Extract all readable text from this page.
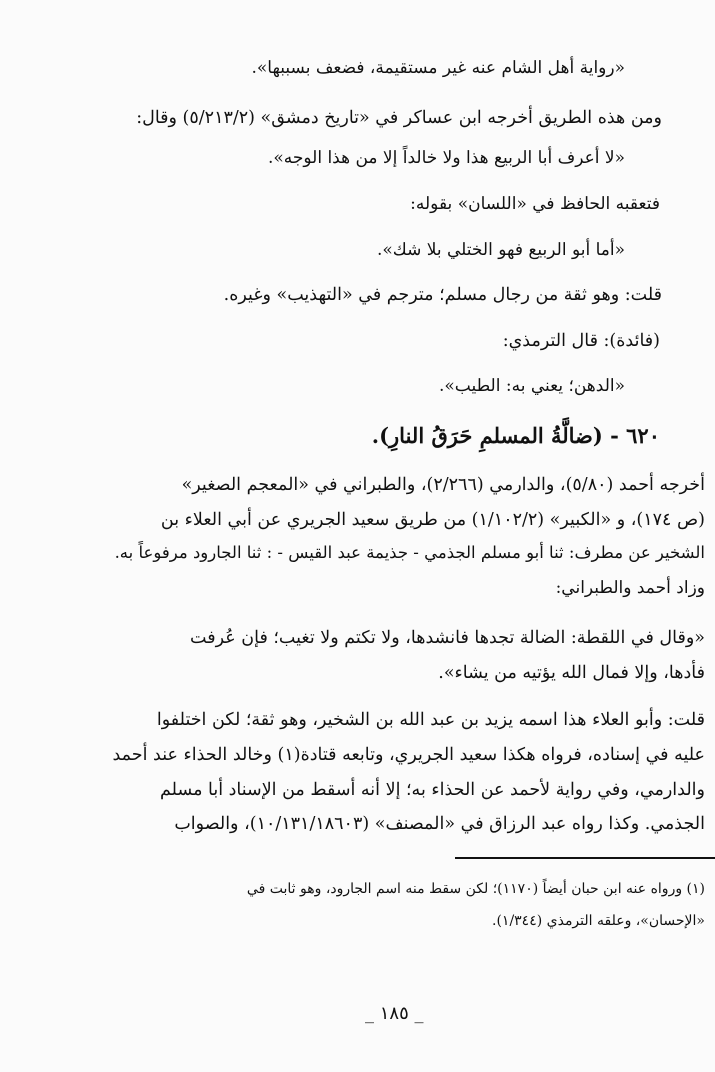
«رواية أهل الشام عنه غير مستقيمة، فضعف بسببها».
ومن هذه الطريق أخرجه ابن عساكر في «تاريخ دمشق» (٥/٢١٣/٢) وقال:
«لا أعرف أبا الربيع هذا ولا خالداً إلا من هذا الوجه».
فتعقبه الحافظ في «اللسان» بقوله:
«أما أبو الربيع فهو الختلي بلا شك».
قلت: وهو ثقة من رجال مسلم؛ مترجم في «التهذيب» وغيره.
(فائدة): قال الترمذي:
«الدهن؛ يعني به: الطيب».
٦٢٠ - (ضالَّةُ المسلمِ حَرَقُ النارِ).
أخرجه أحمد (٥/٨٠)، والدارمي (٢/٢٦٦)، والطبراني في «المعجم الصغير»
(ص ١٧٤)، و «الكبير» (١/١٠٢/٢) من طريق سعيد الجريري عن أبي العلاء بن
الشخير عن مطرف: ثنا أبو مسلم الجذمي - جذيمة عبد القيس - : ثنا الجارود مرفوعاً به.
وزاد أحمد والطبراني:
«وقال في اللقطة: الضالة تجدها فانشدها، ولا تكتم ولا تغيب؛ فإن عُرفت
فأدها، وإلا فمال الله يؤتيه من يشاء».
قلت: وأبو العلاء هذا اسمه يزيد بن عبد الله بن الشخير، وهو ثقة؛ لكن اختلفوا
عليه في إسناده، فرواه هكذا سعيد الجريري، وتابعه قتادة(١) وخالد الحذاء عند أحمد
والدارمي، وفي رواية لأحمد عن الحذاء به؛ إلا أنه أسقط من الإسناد أبا مسلم
الجذمي. وكذا رواه عبد الرزاق في «المصنف» (١٠/١٣١/١٨٦٠٣)، والصواب
(١) ورواه عنه ابن حبان أيضاً (١١٧٠)؛ لكن سقط منه اسم الجارود، وهو ثابت في
«الإحسان»، وعلقه الترمذي (١/٣٤٤).
_ ١٨٥ _
